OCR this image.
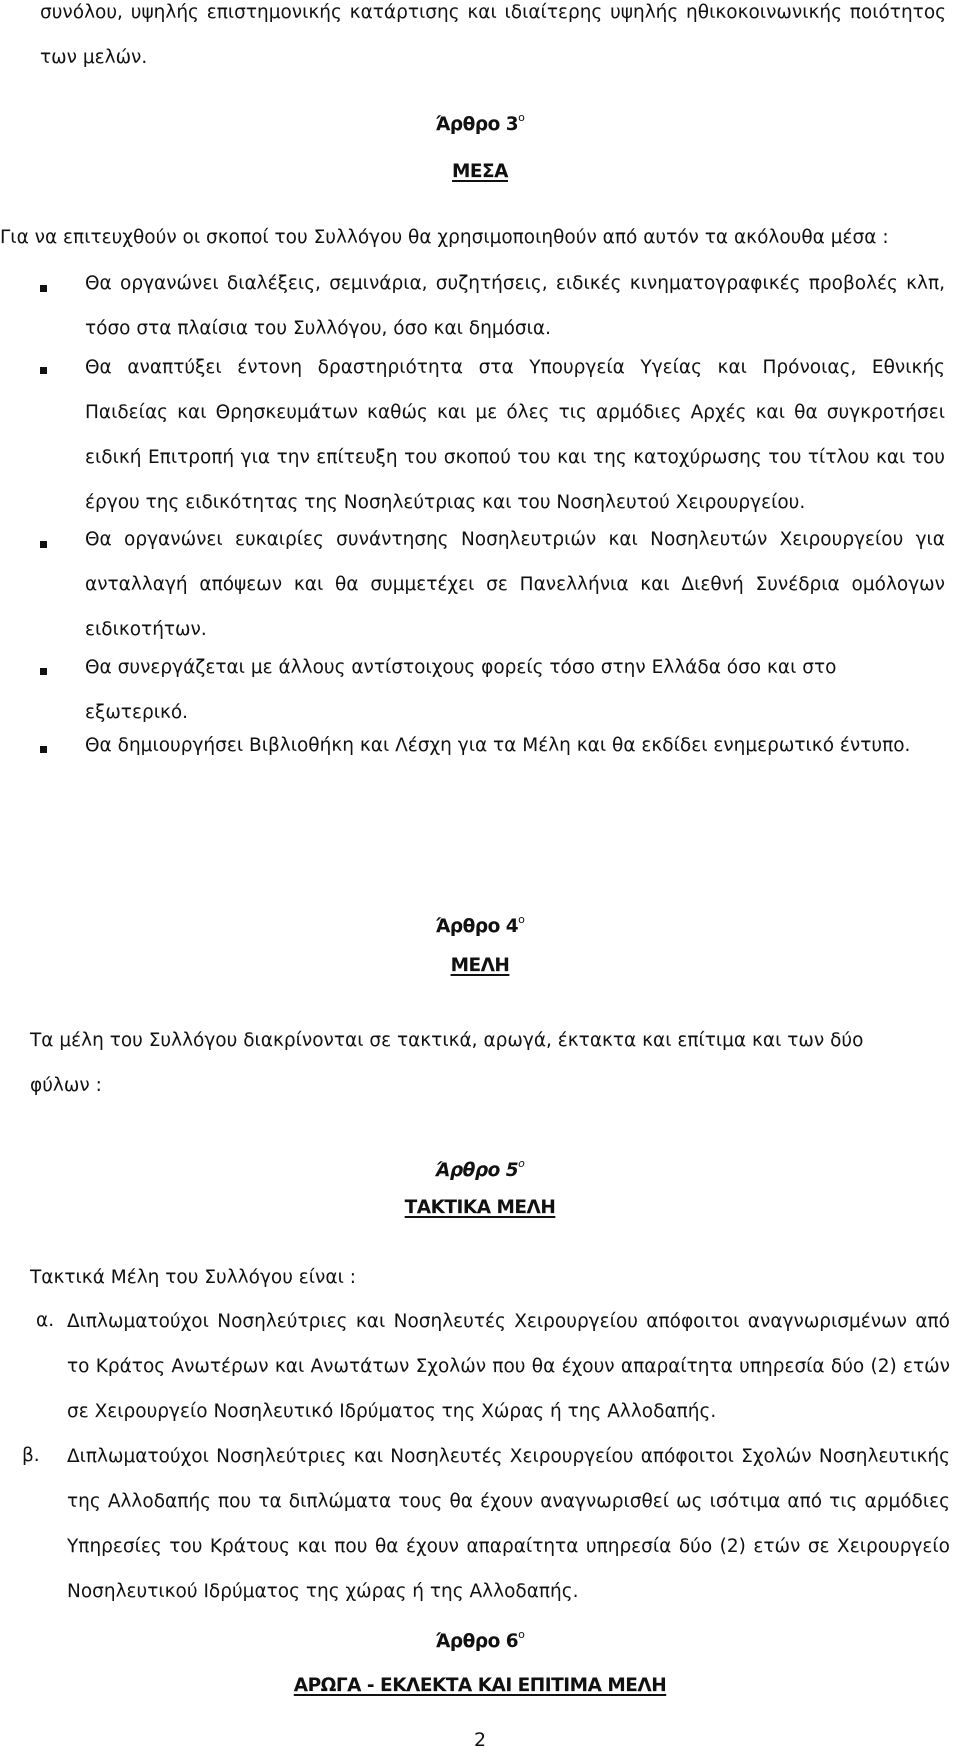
συνόλου, υψηλής επιστημονικής κατάρτισης και ιδιαίτερης υψηλής ηθικοκοινωνικής ποιότητος των μελών.

Άρθρο $3^o$
ΜΕΣΑ

Για να επιτευχθούν οι σκοποί του Συλλόγου θα χρησιμοποιηθούν από αυτόν τα ακόλουθα μέσα :

Θα οργανώνει διαλέξεις, σεμινάρια, συζητήσεις, ειδικές κινηματογραφικές προβολές κλπ, τόσο στα πλαίσια του Συλλόγου, όσο και δημόσια.

Θα αναπτύξει έντονη δραστηριότητα στα Υπουργεία Υγείας και Πρόνοιας, Εθνικής Παιδείας και Θρησκευμάτων καθώς και με όλες τις αρμόδιες Αρχές και θα συγκροτήσει ειδική Επιτροπή για την επίτευξη του σκοπού του και της κατοχύρωσης του τίτλου και του έργου της ειδικότητας της Νοσηλεύτριας και του Νοσηλευτού Χειρουργείου.

Θα οργανώνει ευκαιρίες συνάντησης Νοσηλευτριών και Νοσηλευτών Χειρουργείου για ανταλλαγή απόψεων και θα συμμετέχει σε Πανελλήνια και Διεθνή Συνέδρια ομόλογων ειδικοτήτων.

Θα συνεργάζεται με άλλους αντίστοιχους φορείς τόσο στην Ελλάδα όσο και στο εξωτερικό.

Θα δημιουργήσει Βιβλιοθήκη και Λέσχη για τα Μέλη και θα εκδίδει ενημερωτικό έντυπο.

Άρθρο $4^o$
ΜΕΛΗ

Τα μέλη του Συλλόγου διακρίνονται σε τακτικά, αρωγά, έκτακτα και επίτιμα και των δύο φύλων :

Άρθρο $5^o$
ΤΑΚΤΙΚΑ ΜΕΛΗ

Τακτικά Μέλη του Συλλόγου είναι :

α. Διπλωματούχοι Νοσηλεύτριες και Νοσηλευτές Χειρουργείου απόφοιτοι αναγνωρισμένων από το Κράτος Ανωτέρων και Ανωτάτων Σχολών που θα έχουν απαραίτητα υπηρεσία δύο (2) ετών σε Χειρουργείο Νοσηλευτικό Ιδρύματος της Χώρας ή της Αλλοδαπής.

β. Διπλωματούχοι Νοσηλεύτριες και Νοσηλευτές Χειρουργείου απόφοιτοι Σχολών Νοσηλευτικής της Αλλοδαπής που τα διπλώματα τους θα έχουν αναγνωρισθεί ως ισότιμα από τις αρμόδιες Υπηρεσίες του Κράτους και που θα έχουν απαραίτητα υπηρεσία δύο (2) ετών σε Χειρουργείο Νοσηλευτικού Ιδρύματος της χώρας ή της Αλλοδαπής.

Άρθρο $6^o$
ΑΡΩΓΑ - ΕΚΛΕΚΤΑ ΚΑΙ ΕΠΙΤΙΜΑ ΜΕΛΗ
2
